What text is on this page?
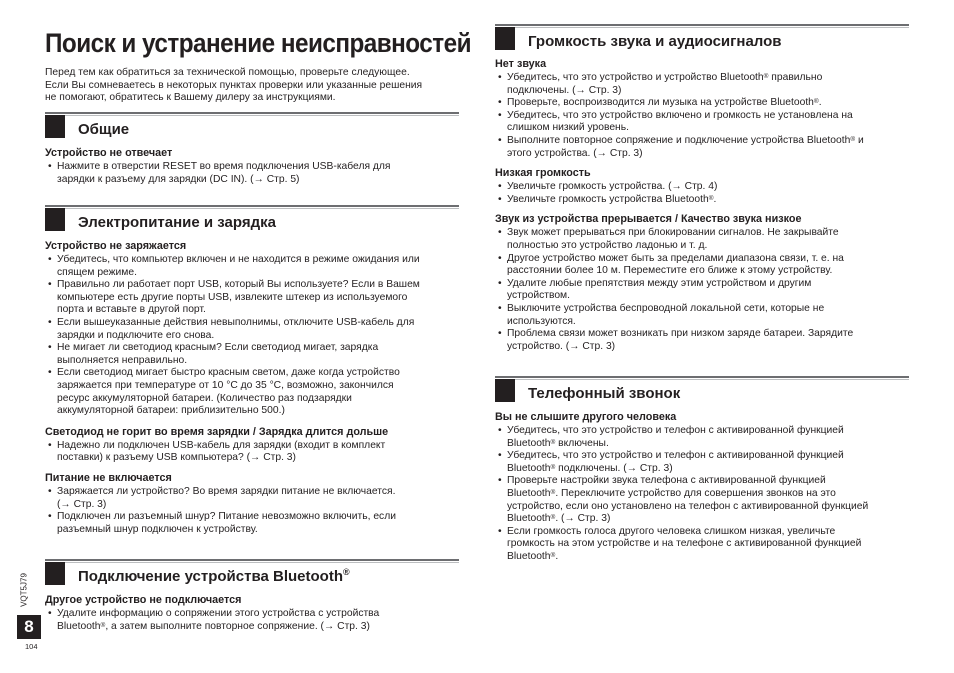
Поиск и устранение неисправностей
Перед тем как обратиться за технической помощью, проверьте следующее.
Если Вы сомневаетесь в некоторых пунктах проверки или указанные решения
не помогают, обратитесь к Вашему дилеру за инструкциями.
Общие

Устройство не отвечает

• Нажмите в отверстии RESET во время подключения USB-кабеля для
зарядки к разъему для зарядки (DC IN). (→ Стр. 5)
Электропитание и зарядка

Устройство не заряжается

• Убедитесь, что компьютер включен и не находится в режиме ожидания или
спящем режиме.
• Правильно ли работает порт USB, который Вы используете? Если в Вашем
компьютере есть другие порты USB, извлеките штекер из используемого
порта и вставьте в другой порт.
• Если вышеуказанные действия невыполнимы, отключите USB-кабель для
зарядки и подключите его снова.
• Не мигает ли светодиод красным? Если светодиод мигает, зарядка
выполняется неправильно.
• Если светодиод мигает быстро красным светом, даже когда устройство
заряжается при температуре от 10 °C до 35 °C, возможно, закончился
ресурс аккумуляторной батареи. (Количество раз подзарядки
аккумуляторной батареи: приблизительно 500.)

Светодиод не горит во время зарядки / Зарядка длится дольше

• Надежно ли подключен USB-кабель для зарядки (входит в комплект
поставки) к разъему USB компьютера? (→ Стр. 3)

Питание не включается

• Заряжается ли устройство? Во время зарядки питание не включается.
(→ Стр. 3)
• Подключен ли разъемный шнур? Питание невозможно включить, если
разъемный шнур подключен к устройству.
Подключение устройства Bluetooth®

Другое устройство не подключается

• Удалите информацию о сопряжении этого устройства с устройства
Bluetooth®, а затем выполните повторное сопряжение. (→ Стр. 3)
Громкость звука и аудиосигналов

Нет звука

• Убедитесь, что это устройство и устройство Bluetooth® правильно
подключены. (→ Стр. 3)
• Проверьте, воспроизводится ли музыка на устройстве Bluetooth®.
• Убедитесь, что это устройство включено и громкость не установлена на
слишком низкий уровень.
• Выполните повторное сопряжение и подключение устройства Bluetooth® и
этого устройства. (→ Стр. 3)

Низкая громкость

• Увеличьте громкость устройства. (→ Стр. 4)
• Увеличьте громкость устройства Bluetooth®.

Звук из устройства прерывается / Качество звука низкое

• Звук может прерываться при блокировании сигналов. Не закрывайте
полностью это устройство ладонью и т. д.
• Другое устройство может быть за пределами диапазона связи, т. е. на
расстоянии более 10 м. Переместите его ближе к этому устройству.
• Удалите любые препятствия между этим устройством и другим
устройством.
• Выключите устройства беспроводной локальной сети, которые не
используются.
• Проблема связи может возникать при низком заряде батареи. Зарядите
устройство. (→ Стр. 3)
Телефонный звонок

Вы не слышите другого человека

• Убедитесь, что это устройство и телефон с активированной функцией
Bluetooth® включены.
• Убедитесь, что это устройство и телефон с активированной функцией
Bluetooth® подключены. (→ Стр. 3)
• Проверьте настройки звука телефона с активированной функцией
Bluetooth®. Переключите устройство для совершения звонков на это
устройство, если оно установлено на телефон с активированной функцией
Bluetooth®. (→ Стр. 3)
• Если громкость голоса другого человека слишком низкая, увеличьте
громкость на этом устройстве и на телефоне с активированной функцией
Bluetooth®.
VQT5J79
8
104
